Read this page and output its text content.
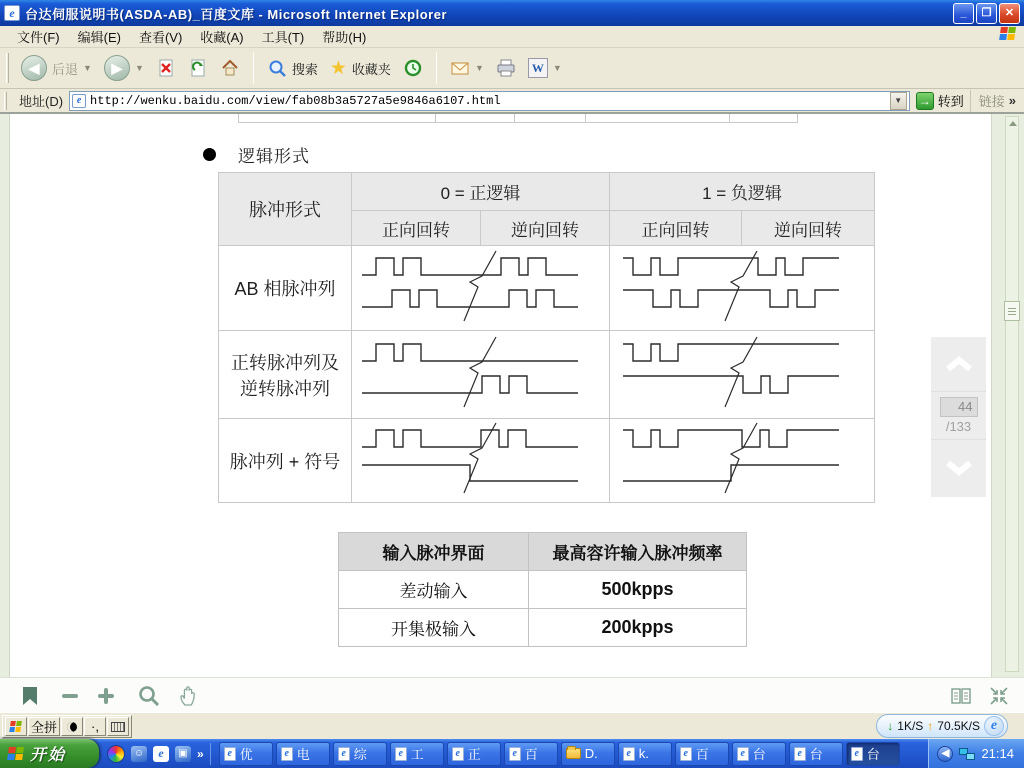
e 台达伺服说明书(ASDA-AB)_百度文库 - Microsoft Internet Explorer	_	❐	✕
文件(F)	编辑(E)	查看(V)	收藏(A)	工具(T)	帮助(H)
◀ 后退 ▼	▶	▼	搜索 ★ 收藏夹	▼	W	▼
地址(D)	e http://wenku.baidu.com/view/fab08b3a5727a5e9846a6107.html	▼	→ 转到 链接 »
逻辑形式
脉冲形式	0 = 正逻辑		1 = 负逻辑	
	正向回转	逆向回转	正向回转	逆向回转
AB 相脉冲列		

正转脉冲列及
逆转脉冲列

脉冲列 + 符号		
输入脉冲界面	最高容许输入脉冲频率
差动输入	500kpps
开集极输入	200kpps
44
/133
全拼	·,	↓ 1K/S ↑ 70.5K/S e
开始	☺	e	▣ »	e 优	e 电	e 综	e 工	e 正	e 百	D.	e k.	e 百	e 台	e 台	e 台	◀	21:14
